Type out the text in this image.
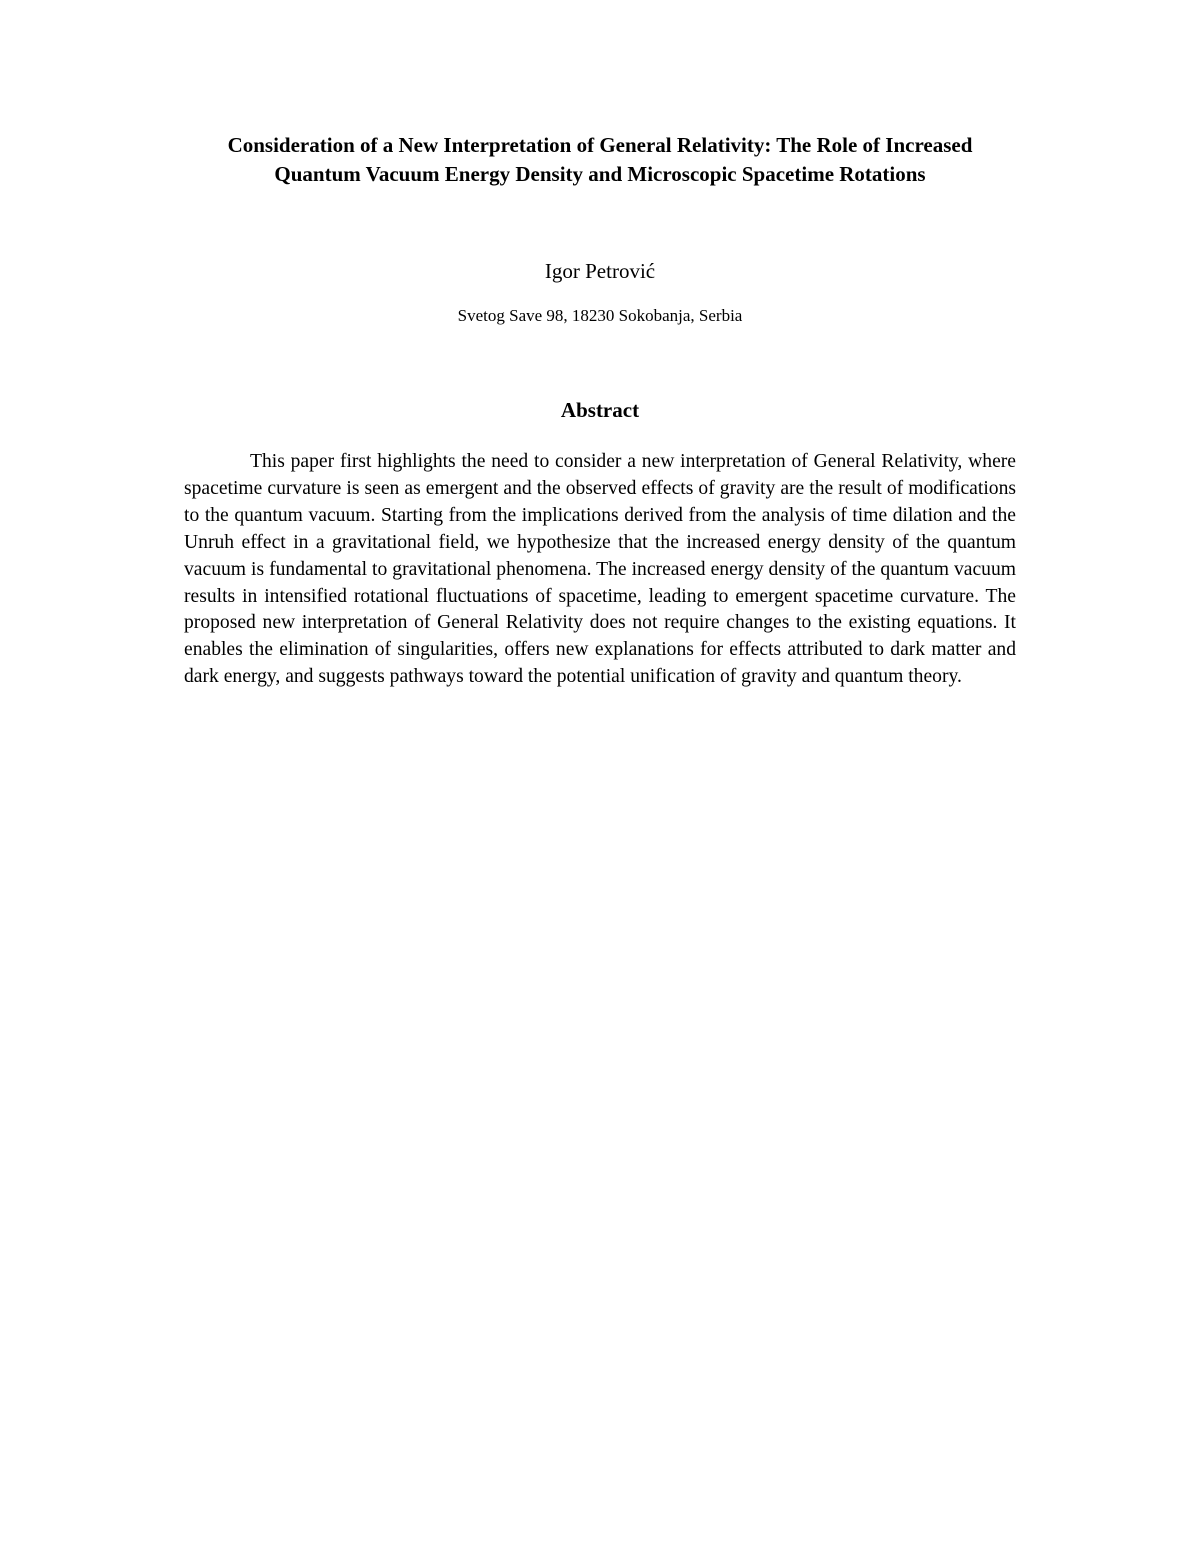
Consideration of a New Interpretation of General Relativity: The Role of Increased
Quantum Vacuum Energy Density and Microscopic Spacetime Rotations

Igor Petrović

Svetog Save 98, 18230 Sokobanja, Serbia

Abstract

This paper first highlights the need to consider a new interpretation of General Relativity, where spacetime curvature is seen as emergent and the observed effects of gravity are the result of modifications to the quantum vacuum. Starting from the implications derived from the analysis of time dilation and the Unruh effect in a gravitational field, we hypothesize that the increased energy density of the quantum vacuum is fundamental to gravitational phenomena. The increased energy density of the quantum vacuum results in intensified rotational fluctuations of spacetime, leading to emergent spacetime curvature. The proposed new interpretation of General Relativity does not require changes to the existing equations. It enables the elimination of singularities, offers new explanations for effects attributed to dark matter and dark energy, and suggests pathways toward the potential unification of gravity and quantum theory.
